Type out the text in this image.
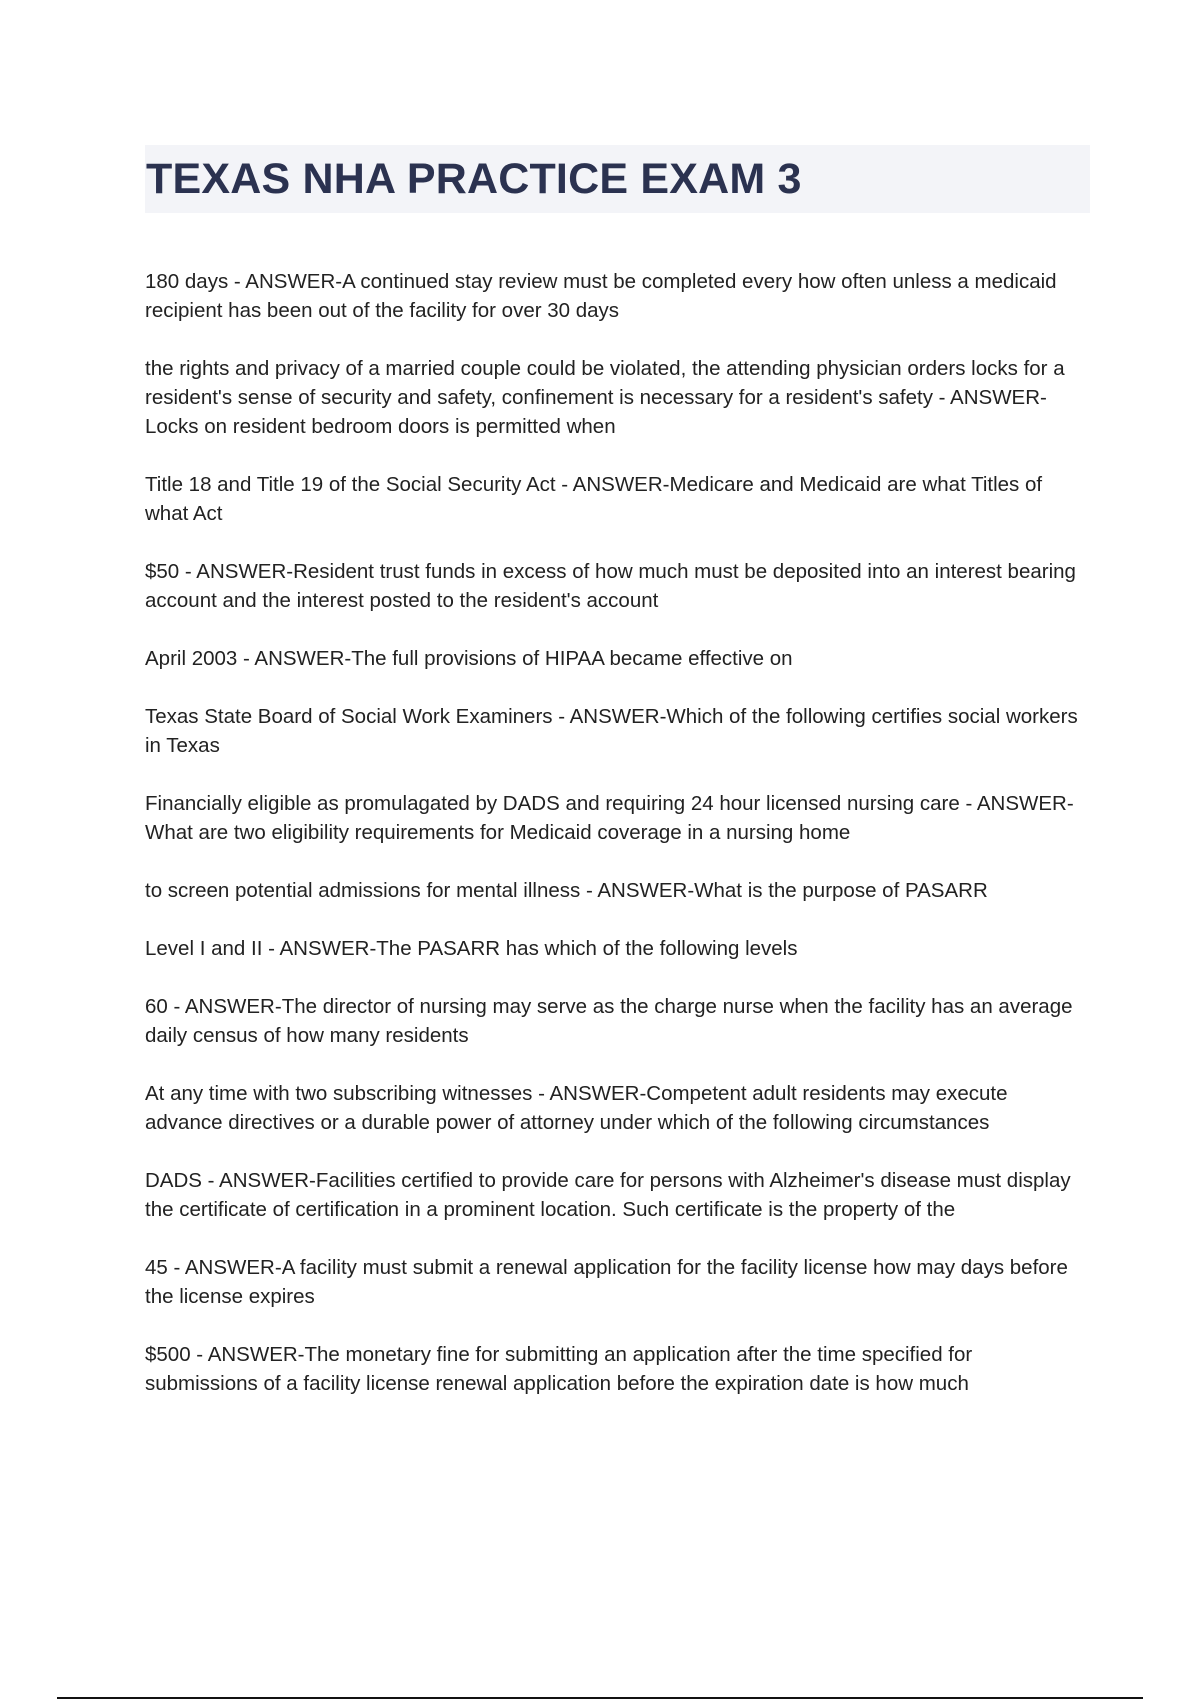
TEXAS NHA PRACTICE EXAM 3

180 days - ANSWER-A continued stay review must be completed every how often unless a medicaid recipient has been out of the facility for over 30 days

the rights and privacy of a married couple could be violated, the attending physician orders locks for a resident's sense of security and safety, confinement is necessary for a resident's safety - ANSWER-Locks on resident bedroom doors is permitted when

Title 18 and Title 19 of the Social Security Act - ANSWER-Medicare and Medicaid are what Titles of what Act

$50 - ANSWER-Resident trust funds in excess of how much must be deposited into an interest bearing account and the interest posted to the resident's account

April 2003 - ANSWER-The full provisions of HIPAA became effective on

Texas State Board of Social Work Examiners - ANSWER-Which of the following certifies social workers in Texas

Financially eligible as promulagated by DADS and requiring 24 hour licensed nursing care - ANSWER-What are two eligibility requirements for Medicaid coverage in a nursing home

to screen potential admissions for mental illness - ANSWER-What is the purpose of PASARR

Level I and II - ANSWER-The PASARR has which of the following levels

60 - ANSWER-The director of nursing may serve as the charge nurse when the facility has an average daily census of how many residents

At any time with two subscribing witnesses - ANSWER-Competent adult residents may execute advance directives or a durable power of attorney under which of the following circumstances

DADS - ANSWER-Facilities certified to provide care for persons with Alzheimer's disease must display the certificate of certification in a prominent location. Such certificate is the property of the

45 - ANSWER-A facility must submit a renewal application for the facility license how may days before the license expires

$500 - ANSWER-The monetary fine for submitting an application after the time specified for submissions of a facility license renewal application before the expiration date is how much
